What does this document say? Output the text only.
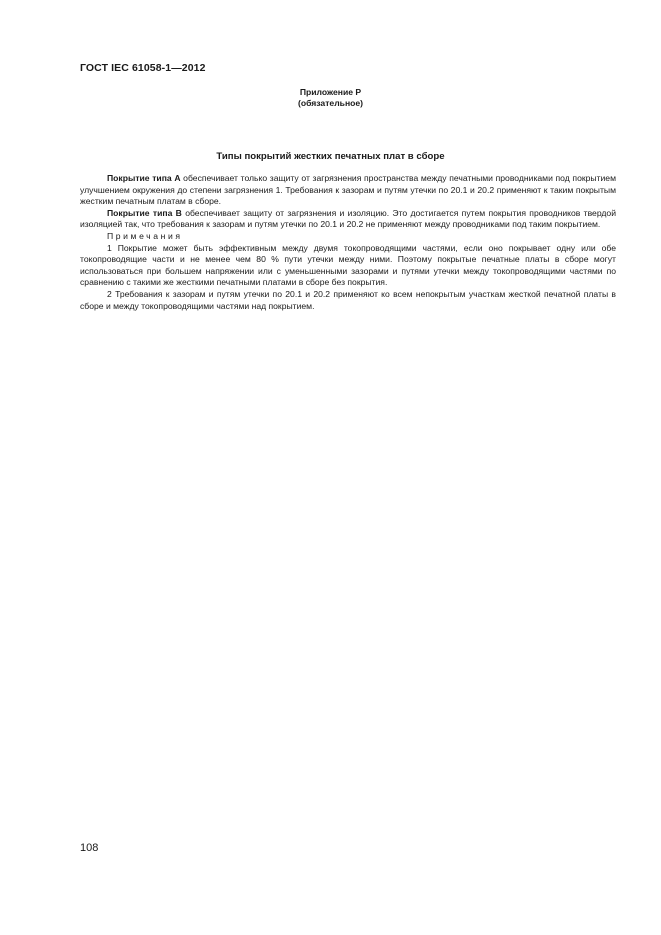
ГОСТ IEC 61058-1—2012
Приложение Р
(обязательное)
Типы покрытий жестких печатных плат в сборе

Покрытие типа А обеспечивает только защиту от загрязнения пространства между печатными проводниками под покрытием улучшением окружения до степени загрязнения 1. Требования к зазорам и путям утечки по 20.1 и 20.2 применяют к таким покрытым жестким печатным платам в сборе.

Покрытие типа В обеспечивает защиту от загрязнения и изоляцию. Это достигается путем покрытия проводников твердой изоляцией так, что требования к зазорам и путям утечки по 20.1 и 20.2 не применяют между проводниками под таким покрытием.

Примечания

1 Покрытие может быть эффективным между двумя токопроводящими частями, если оно покрывает одну или обе токопроводящие части и не менее чем 80 % пути утечки между ними. Поэтому покрытые печатные платы в сборе могут использоваться при большем напряжении или с уменьшенными зазорами и путями утечки между токопроводящими частями по сравнению с такими же жесткими печатными платами в сборе без покрытия.

2 Требования к зазорам и путям утечки по 20.1 и 20.2 применяют ко всем непокрытым участкам жесткой печатной платы в сборе и между токопроводящими частями над покрытием.

108
